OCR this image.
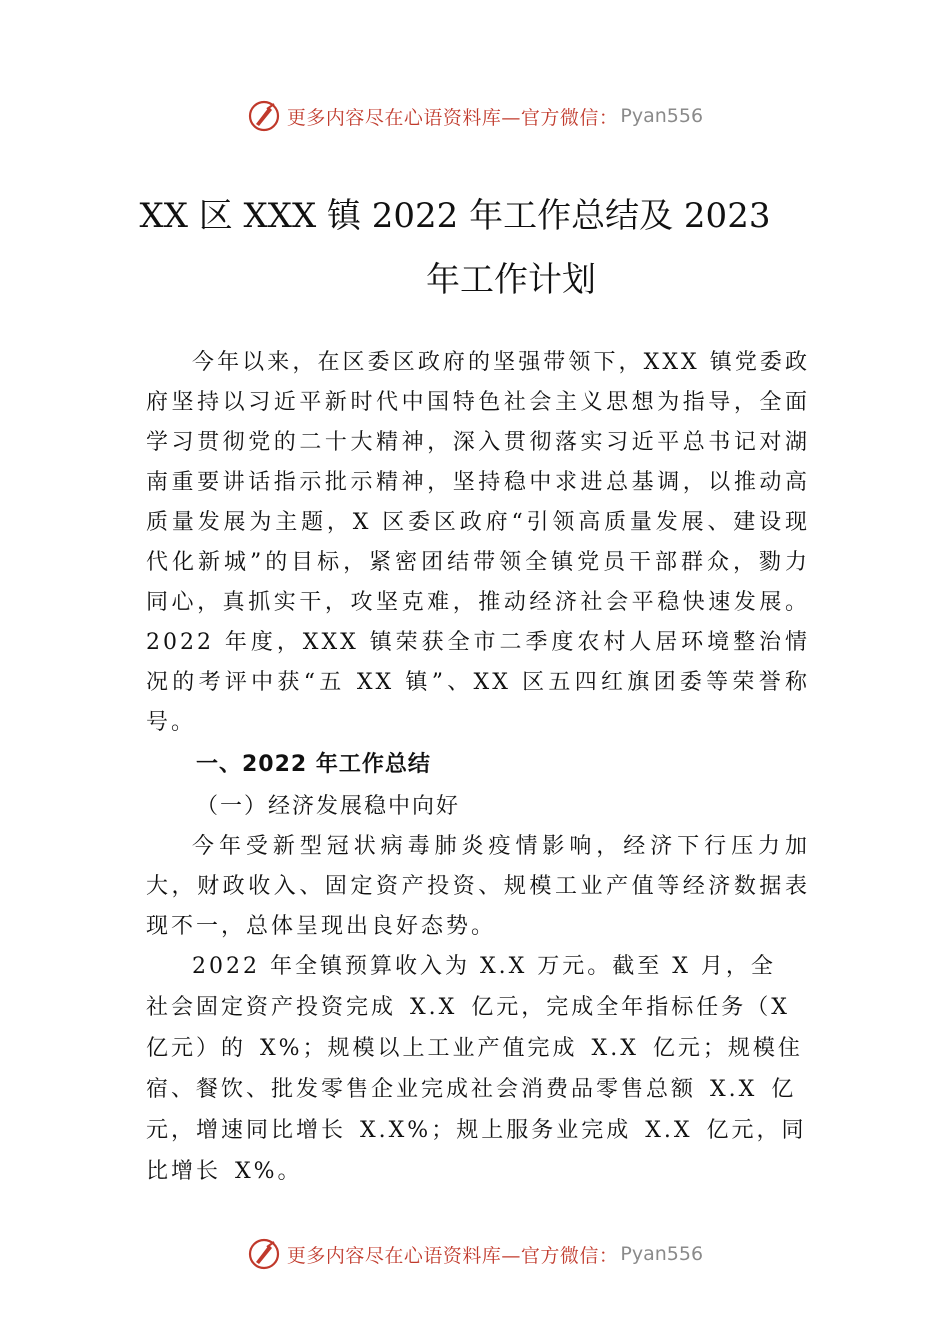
更多内容尽在心语资料库—官方微信： Pyan556
XX 区 XXX 镇 2022 年工作总结及 2023
年工作计划

今年以来，在区委区政府的坚强带领下，XXX 镇党委政府坚持以习近平新时代中国特色社会主义思想为指导，全面学习贯彻党的二十大精神，深入贯彻落实习近平总书记对湖南重要讲话指示批示精神，坚持稳中求进总基调，以推动高质量发展为主题，X 区委区政府“引领高质量发展、建设现代化新城”的目标，紧密团结带领全镇党员干部群众，勠力同心，真抓实干，攻坚克难，推动经济社会平稳快速发展。2022 年度，XXX 镇荣获全市二季度农村人居环境整治情况的考评中获“五 XX 镇”、XX 区五四红旗团委等荣誉称号。

一、2022 年工作总结
（一）经济发展稳中向好

今年受新型冠状病毒肺炎疫情影响，经济下行压力加大，财政收入、固定资产投资、规模工业产值等经济数据表现不一，总体呈现出良好态势。

2022 年全镇预算收入为 X.X 万元。截至 X 月，全

社会固定资产投资完成 X.X 亿元，完成全年指标任务（X 亿元）的 X%；规模以上工业产值完成 X.X 亿元；规模住宿、餐饮、批发零售企业完成社会消费品零售总额 X.X 亿元，增速同比增长 X.X%；规上服务业完成 X.X 亿元，同比增长 X%。

更多内容尽在心语资料库—官方微信： Pyan556
